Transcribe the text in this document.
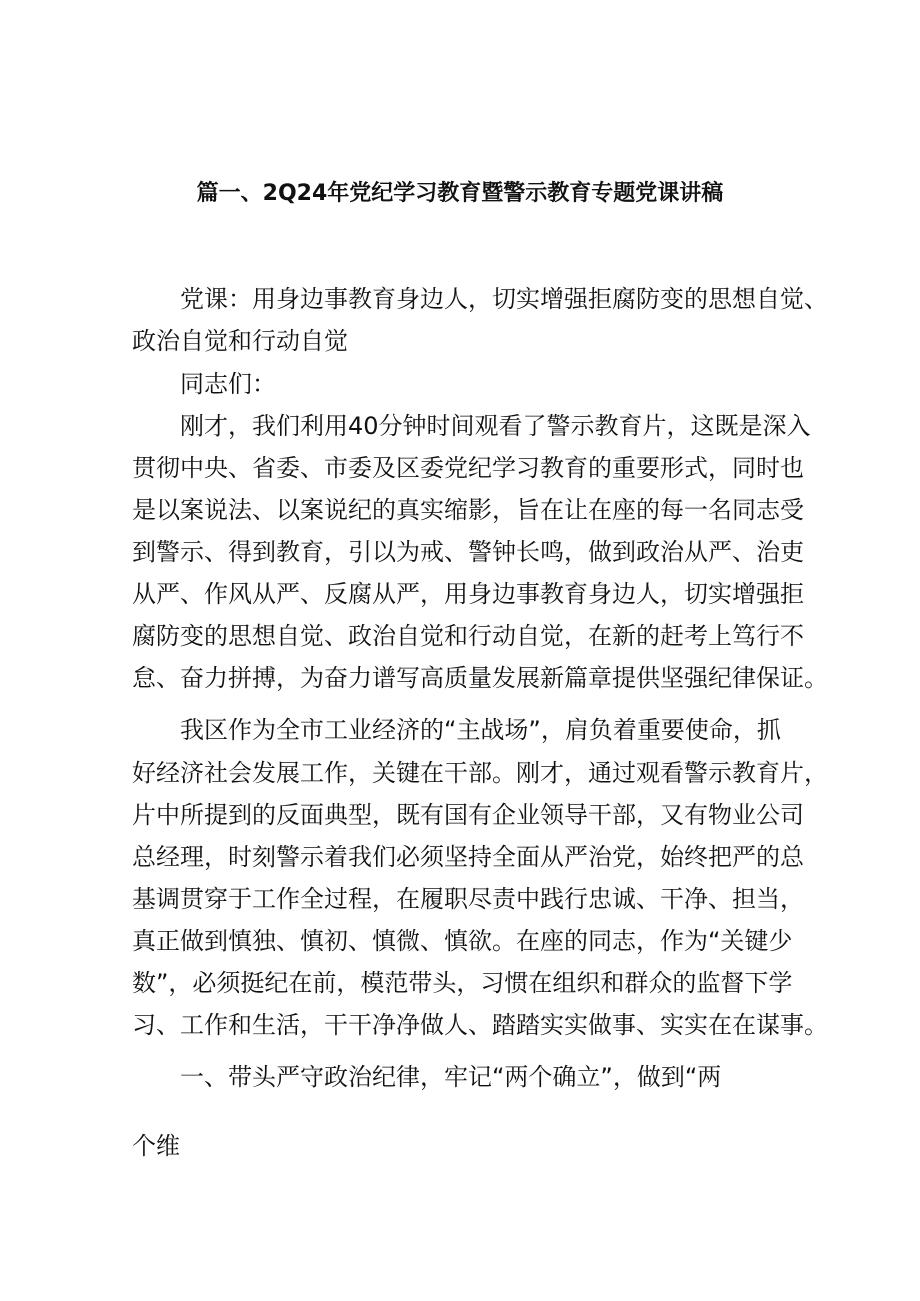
篇一、2Q24年党纪学习教育暨警示教育专题党课讲稿
党课：用身边事教育身边人，切实增强拒腐防变的思想自觉、
政治自觉和行动自觉
同志们：
刚才，我们利用40分钟时间观看了警示教育片，这既是深入
贯彻中央、省委、市委及区委党纪学习教育的重要形式，同时也
是以案说法、以案说纪的真实缩影，旨在让在座的每一名同志受
到警示、得到教育，引以为戒、警钟长鸣，做到政治从严、治吏
从严、作风从严、反腐从严，用身边事教育身边人，切实增强拒
腐防变的思想自觉、政治自觉和行动自觉，在新的赶考上笃行不
怠、奋力拼搏，为奋力谱写高质量发展新篇章提供坚强纪律保证。
我区作为全市工业经济的“主战场”，肩负着重要使命，抓
好经济社会发展工作，关键在干部。刚才，通过观看警示教育片，
片中所提到的反面典型，既有国有企业领导干部，又有物业公司
总经理，时刻警示着我们必须坚持全面从严治党，始终把严的总
基调贯穿于工作全过程，在履职尽责中践行忠诚、干净、担当，
真正做到慎独、慎初、慎微、慎欲。在座的同志，作为“关键少
数”，必须挺纪在前，模范带头，习惯在组织和群众的监督下学
习、工作和生活，干干净净做人、踏踏实实做事、实实在在谋事。
一、带头严守政治纪律，牢记“两个确立”，做到“两
个维
